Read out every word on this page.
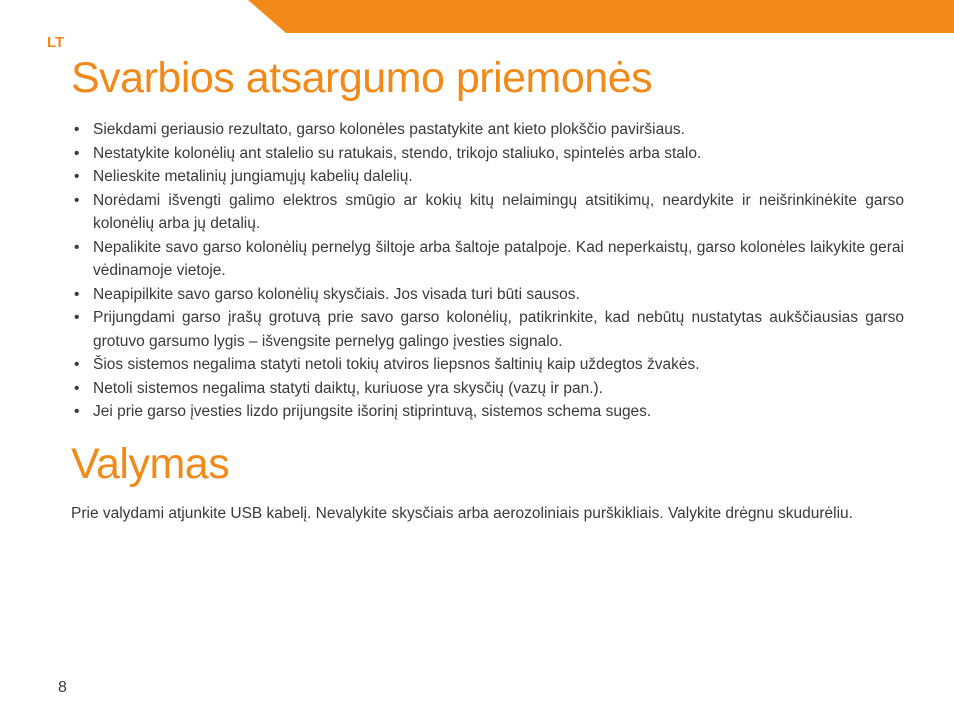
LT
Svarbios atsargumo priemonės
• Siekdami geriausio rezultato, garso kolonėles pastatykite ant kieto plokščio paviršiaus.
• Nestatykite kolonėlių ant stalelio su ratukais, stendo, trikojo staliuko, spintelės arba stalo.
• Nelieskite metalinių jungiamųjų kabelių dalelių.
• Norėdami išvengti galimo elektros smūgio ar kokių kitų nelaimingų atsitikimų, neardykite ir neišrinkinėkite garso kolonėlių arba jų detalių.
• Nepalikite savo garso kolonėlių pernelyg šiltoje arba šaltoje patalpoje. Kad neperkaistų, garso kolonėles laikykite gerai vėdinamoje vietoje.
• Neapipilkite savo garso kolonėlių skysčiais. Jos visada turi būti sausos.
• Prijungdami garso įrašų grotuvą prie savo garso kolonėlių, patikrinkite, kad nebūtų nustatytas aukščiausias garso grotuvo garsumo lygis – išvengsite pernelyg galingo įvesties signalo.
• Šios sistemos negalima statyti netoli tokių atviros liepsnos šaltinių kaip uždegtos žvakės.
• Netoli sistemos negalima statyti daiktų, kuriuose yra skysčių (vazų ir pan.).
• Jei prie garso įvesties lizdo prijungsite išorinį stiprintuvą, sistemos schema suges.
Valymas

Prie valydami atjunkite USB kabelį. Nevalykite skysčiais arba aerozoliniais purškikliais. Valykite drėgnu skudurėliu.

8
